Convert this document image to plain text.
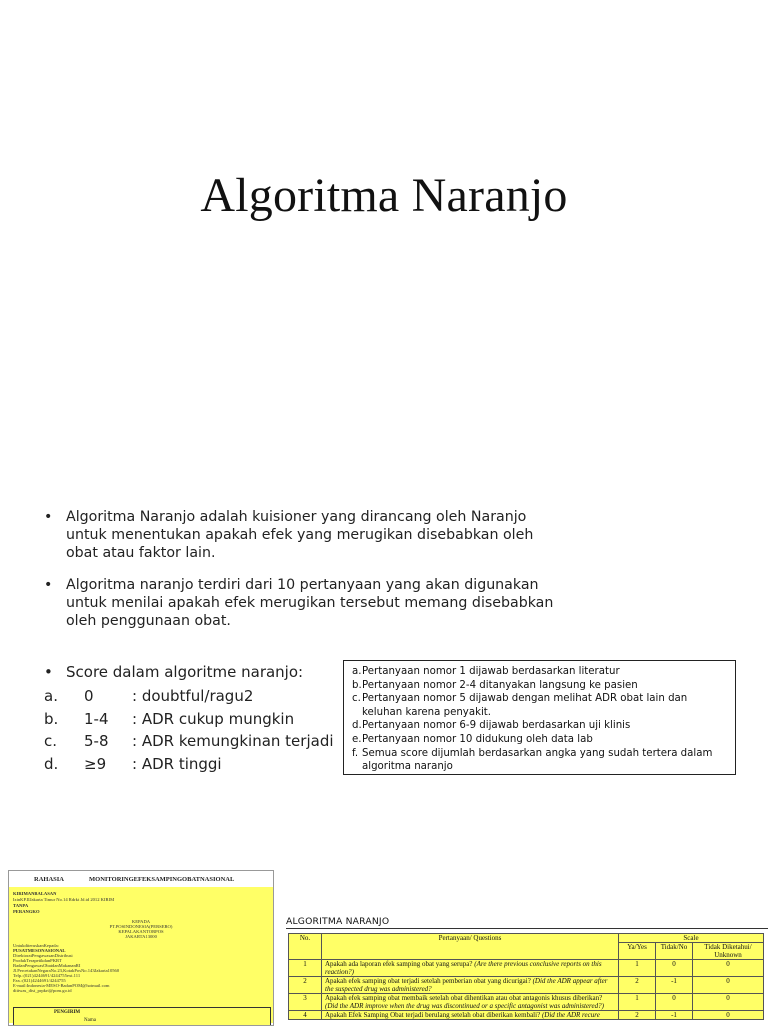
Algoritma Naranjo
• Algoritma Naranjo adalah kuisioner yang dirancang oleh Naranjo untuk menentukan apakah efek yang merugikan disebabkan oleh obat atau faktor lain.
• Algoritma naranjo terdiri dari 10 pertanyaan yang akan digunakan untuk menilai apakah efek merugikan tersebut memang disebabkan oleh penggunaan obat.
• Score dalam algoritme naranjo:
a.	0	: doubtful/ragu2
b.	1-4	: ADR cukup mungkin
c.	5-8	: ADR kemungkinan terjadi
d.	≥9	: ADR tinggi
a. Pertanyaan nomor 1 dijawab berdasarkan literatur
b. Pertanyaan nomor 2-4 ditanyakan langsung ke pasien
c. Pertanyaan nomor 5 dijawab dengan melihat ADR obat lain dan keluhan karena penyakit.
d. Pertanyaan nomor 6-9 dijawab berdasarkan uji klinis
e. Pertanyaan nomor 10 didukung oleh data lab
f. Semua score dijumlah berdasarkan angka yang sudah tertera dalam algoritma naranjo
RAHASIA	MONITORINGEFEKSAMPINGOBATNASIONAL
KIRIMANBALASAN
IzinKP.IIJakarta Timur No.14 Rdrkt Jd.td 2012 KIRIM
TANPA
PERANGKO
KEPADA
PT.POSINDONESIA(PERSERO)
KEPALAKANTORPOS
JAKARTA13000
UntukditeruskanKepada:
PUSATMESONASIONAL
DirektoratPengawasanDistribusi
ProdukTerapetikdanPKRT
BadanPengawasObatdanMakananRI
Jl.PercetakanNegaraNo.23,KotakPosNo.143Jakarta10560
Telp.:(021)4244691/4244755ext.111
Fax.:(021)4244691/4244755
E-mail:Indonesia-MESO-BadanPOM@hotmail.com
dittwas_dist_prpkrt@pom.go.id
PENGIRIM
Nama
ALGORITMA NARANJO
No.	Pertanyaan/ Questions	Scale		
		Ya/Yes	Tidak/No	Tidak Diketahui/ Unknown
1	Apakah ada laporan efek samping obat yang serupa? (Are there previous conclusive reports on this reaction?)	1	0	0
2	Apakah efek samping obat terjadi setelah pemberian obat yang dicurigai? (Did the ADR appear after the suspected drug was administered?	2	-1	0
3	Apakah efek samping obat membaik setelah obat dihentikan atau obat antagonis khusus diberikan? (Did the ADR improve when the drug was discontinued or a specific antagonist was administered?)	1	0	0
4	Apakah Efek Samping Obat terjadi berulang setelah obat diberikan kembali? (Did the ADR recure	2	-1	0
